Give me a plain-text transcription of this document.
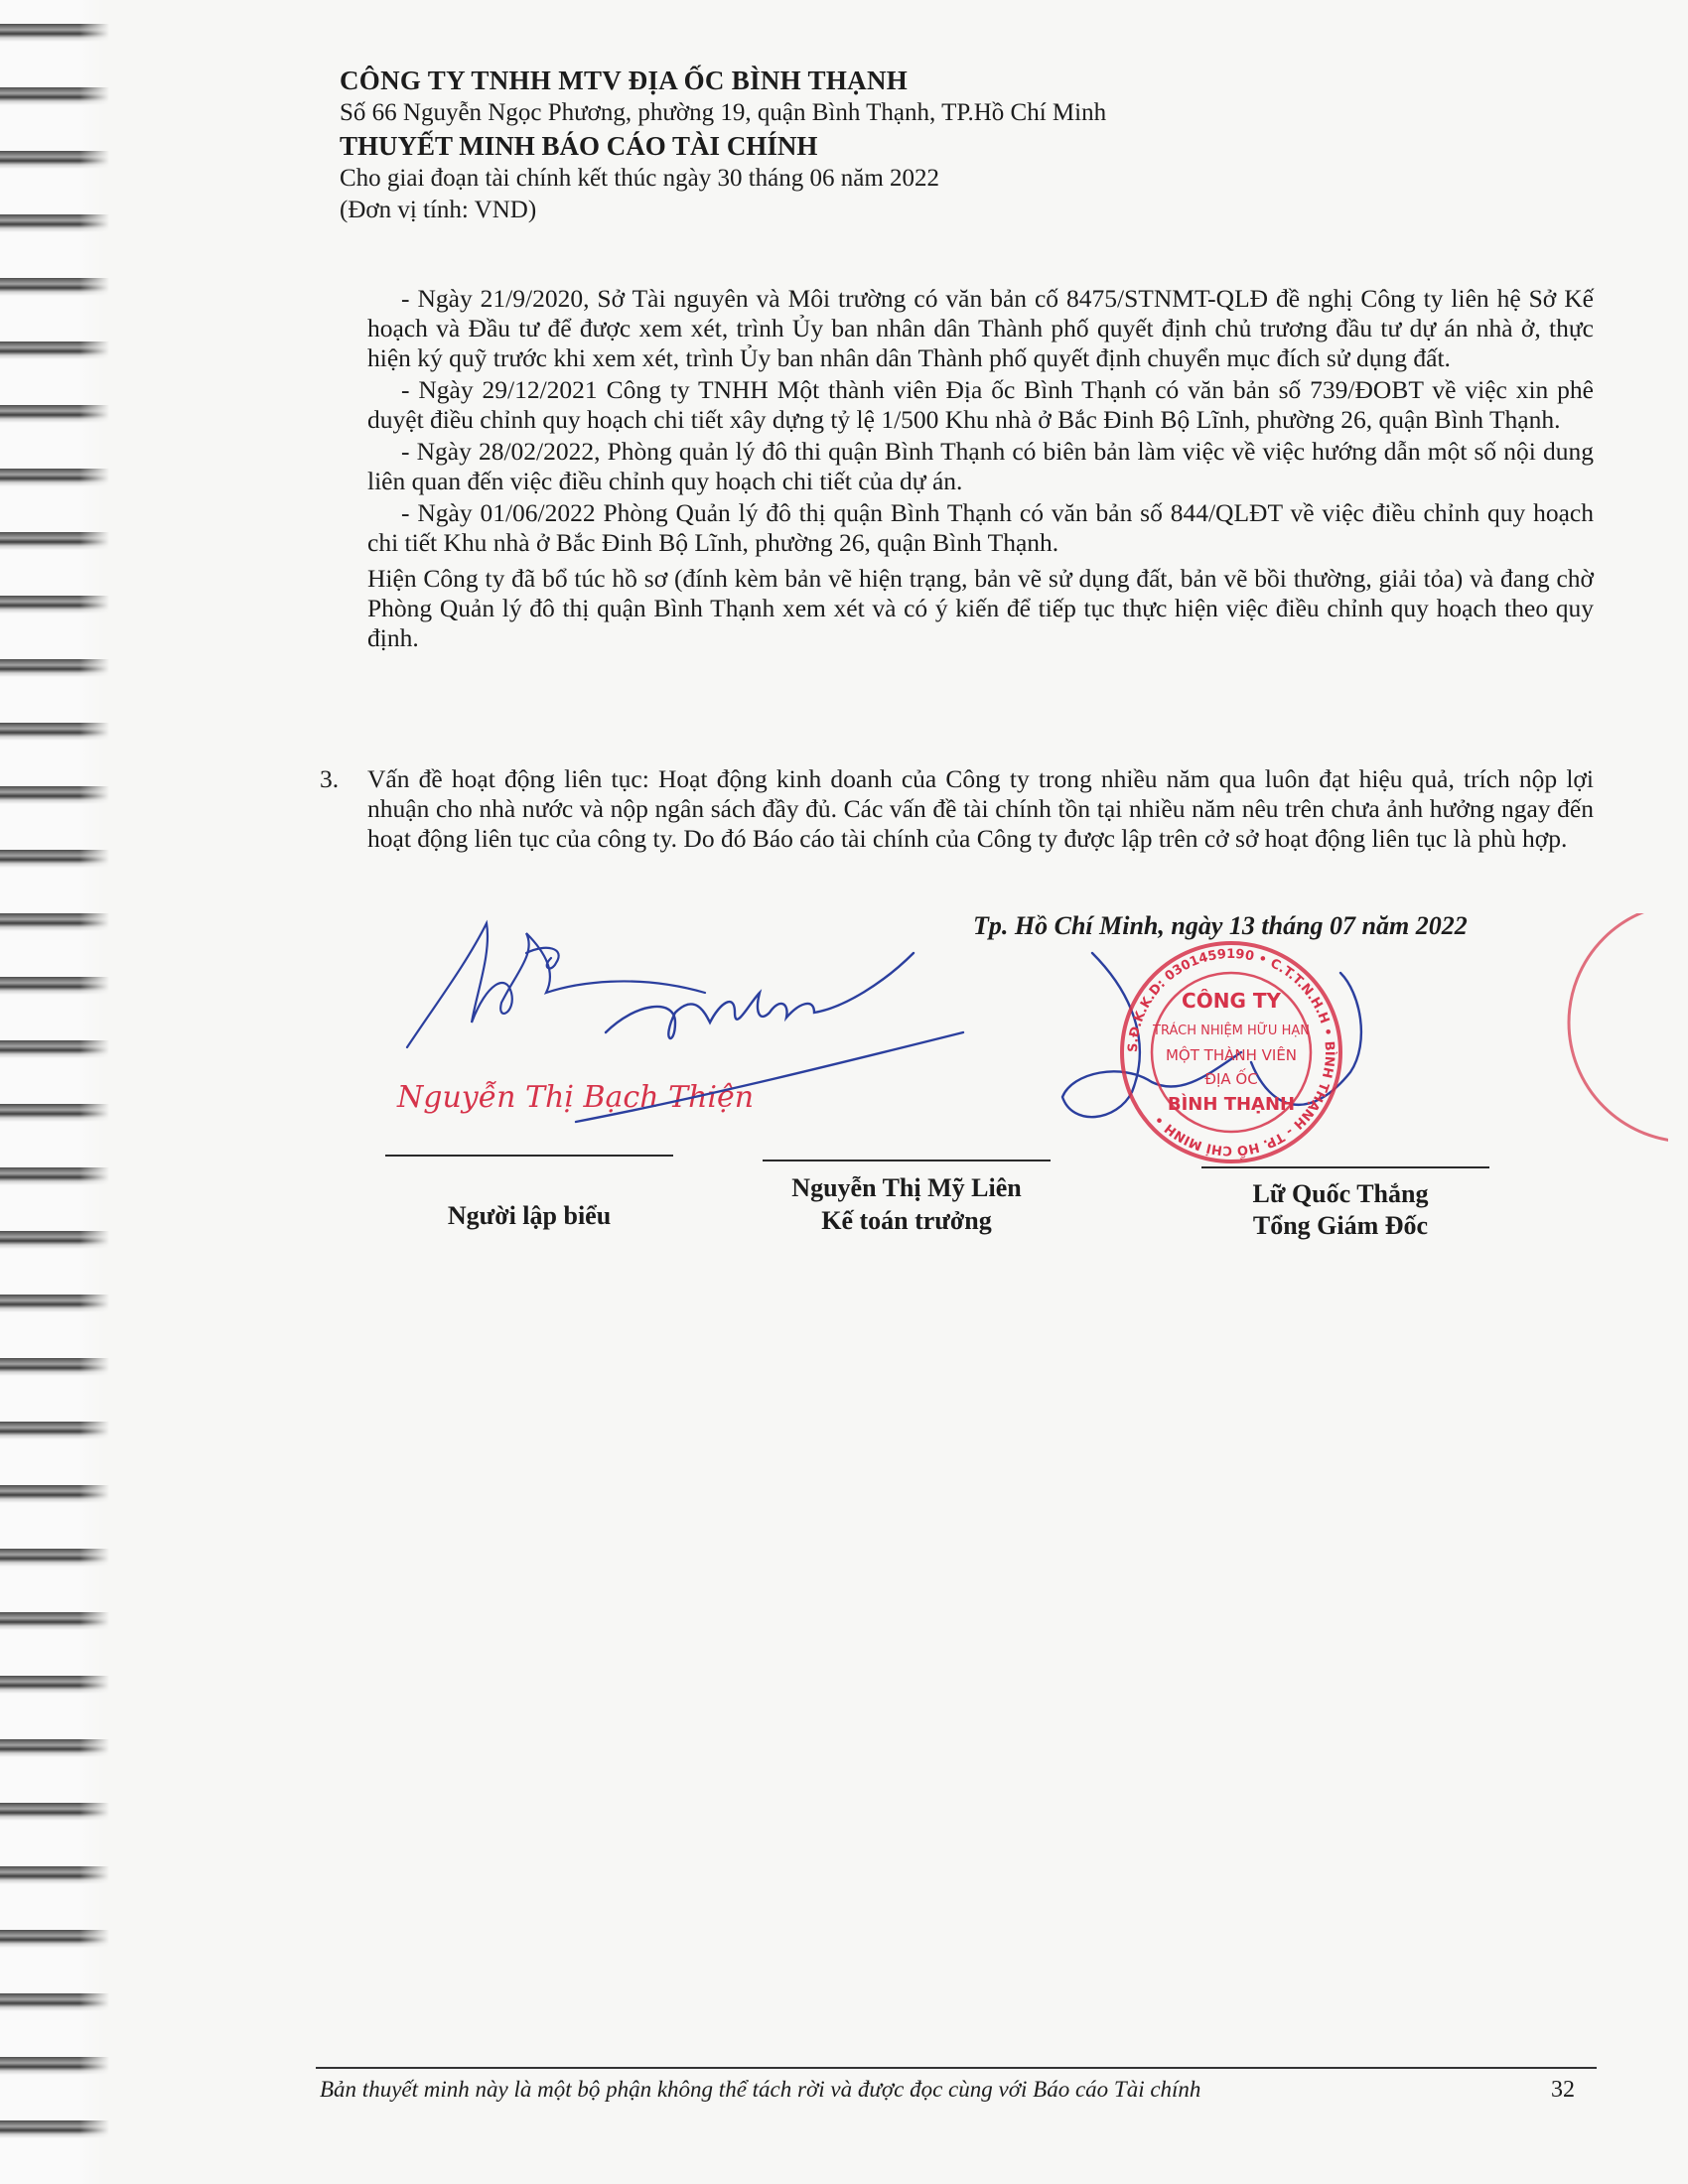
CÔNG TY TNHH MTV ĐỊA ỐC BÌNH THẠNH

Số 66 Nguyễn Ngọc Phương, phường 19, quận Bình Thạnh, TP.Hồ Chí Minh

THUYẾT MINH BÁO CÁO TÀI CHÍNH

Cho giai đoạn tài chính kết thúc ngày 30 tháng 06 năm 2022

(Đơn vị tính: VND)

- Ngày 21/9/2020, Sở Tài nguyên và Môi trường có văn bản cố 8475/STNMT-QLĐ đề nghị Công ty liên hệ Sở Kế hoạch và Đầu tư để được xem xét, trình Ủy ban nhân dân Thành phố quyết định chủ trương đầu tư dự án nhà ở, thực hiện ký quỹ trước khi xem xét, trình Ủy ban nhân dân Thành phố quyết định chuyển mục đích sử dụng đất.

- Ngày 29/12/2021 Công ty TNHH Một thành viên Địa ốc Bình Thạnh có văn bản số 739/ĐOBT về việc xin phê duyệt điều chỉnh quy hoạch chi tiết xây dựng tỷ lệ 1/500 Khu nhà ở Bắc Đinh Bộ Lĩnh, phường 26, quận Bình Thạnh.

- Ngày 28/02/2022, Phòng quản lý đô thi quận Bình Thạnh có biên bản làm việc về việc hướng dẫn một số nội dung liên quan đến việc điều chỉnh quy hoạch chi tiết của dự án.

- Ngày 01/06/2022 Phòng Quản lý đô thị quận Bình Thạnh có văn bản số 844/QLĐT về việc điều chỉnh quy hoạch chi tiết Khu nhà ở Bắc Đinh Bộ Lĩnh, phường 26, quận Bình Thạnh.

Hiện Công ty đã bổ túc hồ sơ (đính kèm bản vẽ hiện trạng, bản vẽ sử dụng đất, bản vẽ bồi thường, giải tỏa) và đang chờ Phòng Quản lý đô thị quận Bình Thạnh xem xét và có ý kiến để tiếp tục thực hiện việc điều chỉnh quy hoạch theo quy định.

3.	Vấn đề hoạt động liên tục: Hoạt động kinh doanh của Công ty trong nhiều năm qua luôn đạt hiệu quả, trích nộp lợi nhuận cho nhà nước và nộp ngân sách đầy đủ. Các vấn đề tài chính tồn tại nhiều năm nêu trên chưa ảnh hưởng ngay đến hoạt động liên tục của công ty. Do đó Báo cáo tài chính của Công ty được lập trên cở sở hoạt động liên tục là phù hợp.
Tp. Hồ Chí Minh, ngày 13 tháng 07 năm 2022
Nguyễn Thị Bạch Thiện
CÔNG TY
TRÁCH NHIỆM HỮU HẠN
MỘT THÀNH VIÊN
ĐỊA ỐC
BÌNH THẠNH
S.Đ.K.K.D: 0301459190 • C.T.T.N.H.H • BÌNH THẠNH - TP. HỒ CHÍ MINH •
Nguyễn Thị Mỹ Liên
Người lập biểu	Kế toán trưởng
Lữ Quốc Thắng
Tổng Giám Đốc
Bản thuyết minh này là một bộ phận không thể tách rời và được đọc cùng với Báo cáo Tài chính	32
